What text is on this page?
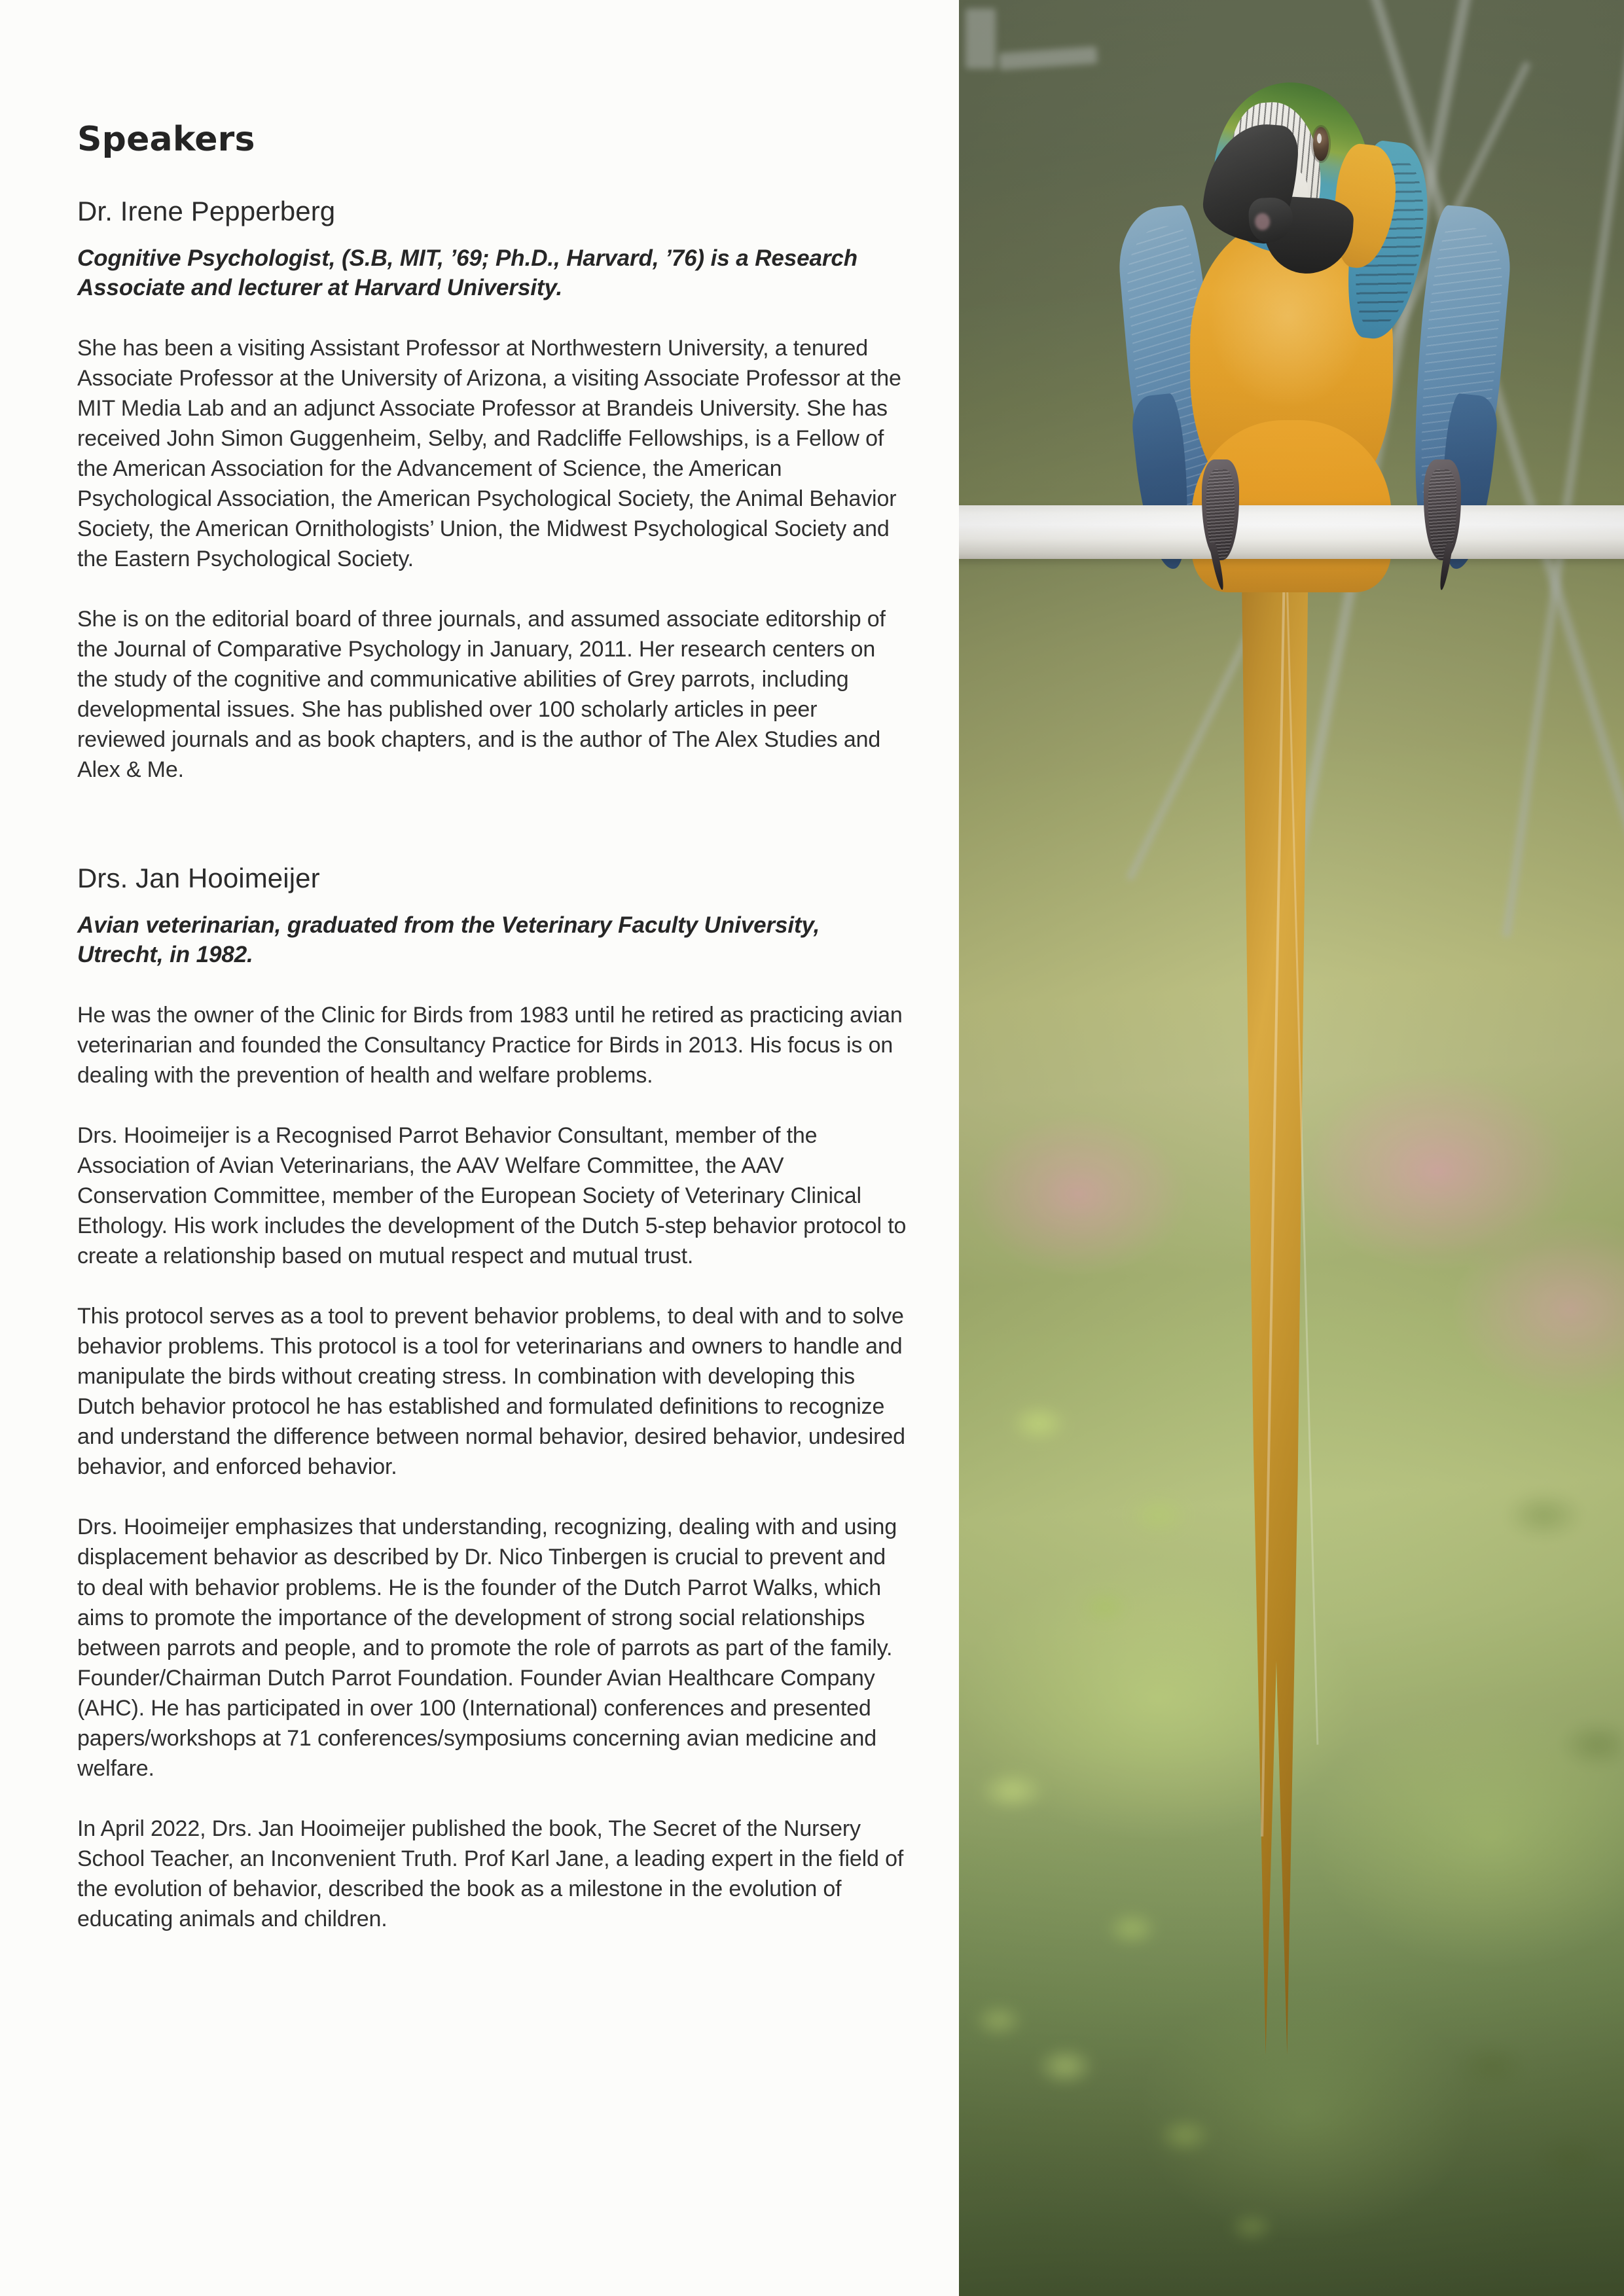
Speakers
Dr. Irene Pepperberg

Cognitive Psychologist, (S.B, MIT, ’69; Ph.D., Harvard, ’76) is a Research Associate and lecturer at Harvard University.

She has been a visiting Assistant Professor at Northwestern University, a tenured Associate Professor at the University of Arizona, a visiting Associate Professor at the MIT Media Lab and an adjunct Associate Professor at Brandeis University. She has received John Simon Guggenheim, Selby, and Radcliffe Fellowships, is a Fellow of the American Association for the Advancement of Science, the American Psychological Association, the American Psychological Society, the Animal Behavior Society, the American Ornithologists’ Union, the Midwest Psychological Society and the Eastern Psychological Society.

She is on the editorial board of three journals, and assumed associate editorship of the Journal of Comparative Psychology in January, 2011. Her research centers on the study of the cognitive and communicative abilities of Grey parrots, including developmental issues. She has published over 100 scholarly articles in peer reviewed journals and as book chapters, and is the author of The Alex Studies and Alex & Me.

Drs. Jan Hooimeijer

Avian veterinarian, graduated from the Veterinary Faculty University, Utrecht, in 1982.

He was the owner of the Clinic for Birds from 1983 until he retired as practicing avian veterinarian and founded the Consultancy Practice for Birds in 2013. His focus is on dealing with the prevention of health and welfare problems.

Drs. Hooimeijer is a Recognised Parrot Behavior Consultant, member of the Association of Avian Veterinarians, the AAV Welfare Committee, the AAV Conservation Committee, member of the European Society of Veterinary Clinical Ethology. His work includes the development of the Dutch 5-step behavior protocol to create a relationship based on mutual respect and mutual trust.

This protocol serves as a tool to prevent behavior problems, to deal with and to solve behavior problems. This protocol is a tool for veterinarians and owners to handle and manipulate the birds without creating stress. In combination with developing this Dutch behavior protocol he has established and formulated definitions to recognize and understand the difference between normal behavior, desired behavior, undesired behavior, and enforced behavior.

Drs. Hooimeijer emphasizes that understanding, recognizing, dealing with and using displacement behavior as described by Dr. Nico Tinbergen is crucial to prevent and to deal with behavior problems. He is the founder of the Dutch Parrot Walks, which aims to promote the importance of the development of strong social relationships between parrots and people, and to promote the role of parrots as part of the family. Founder/Chairman Dutch Parrot Foundation. Founder Avian Healthcare Company (AHC). He has participated in over 100 (International) conferences and presented papers/workshops at 71 conferences/symposiums concerning avian medicine and welfare.

In April 2022, Drs. Jan Hooimeijer published the book, The Secret of the Nursery School Teacher, an Inconvenient Truth. Prof Karl Jane, a leading expert in the field of the evolution of behavior, described the book as a milestone in the evolution of educating animals and children.
